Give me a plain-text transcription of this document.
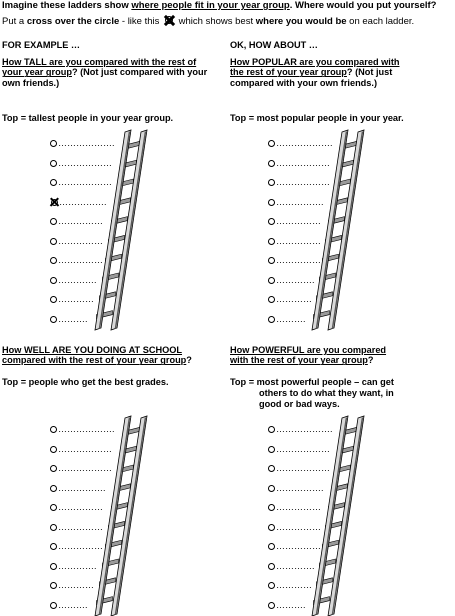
Imagine these ladders show where people fit in your year group. Where would you put yourself?
Put a cross over the circle - like this
which shows best where you would be on each ladder.
FOR EXAMPLE …
How TALL are you compared with the rest of your year group? (Not just compared with your own friends.)
Top = tallest people in your year group.
OK, HOW ABOUT …
How POPULAR are you compared with the rest of your year group? (Not just compared with your own friends.)
Top = most popular people in your year.
How WELL ARE YOU DOING AT SCHOOL compared with the rest of your year group?
Top = people who get the best grades.
How POWERFUL are you compared with the rest of your year group?
Top = most powerful people – can get
others to do what they want, in
good or bad ways.
……………….
………………
………………
…………….
……………
……………
……………
………….
…………
……….
……………….
………………
………………
…………….
……………
……………
……………
………….
…………
……….
……………….
………………
………………
…………….
……………
……………
……………
………….
…………
……….
……………….
………………
………………
…………….
……………
……………
……………
………….
…………
……….
